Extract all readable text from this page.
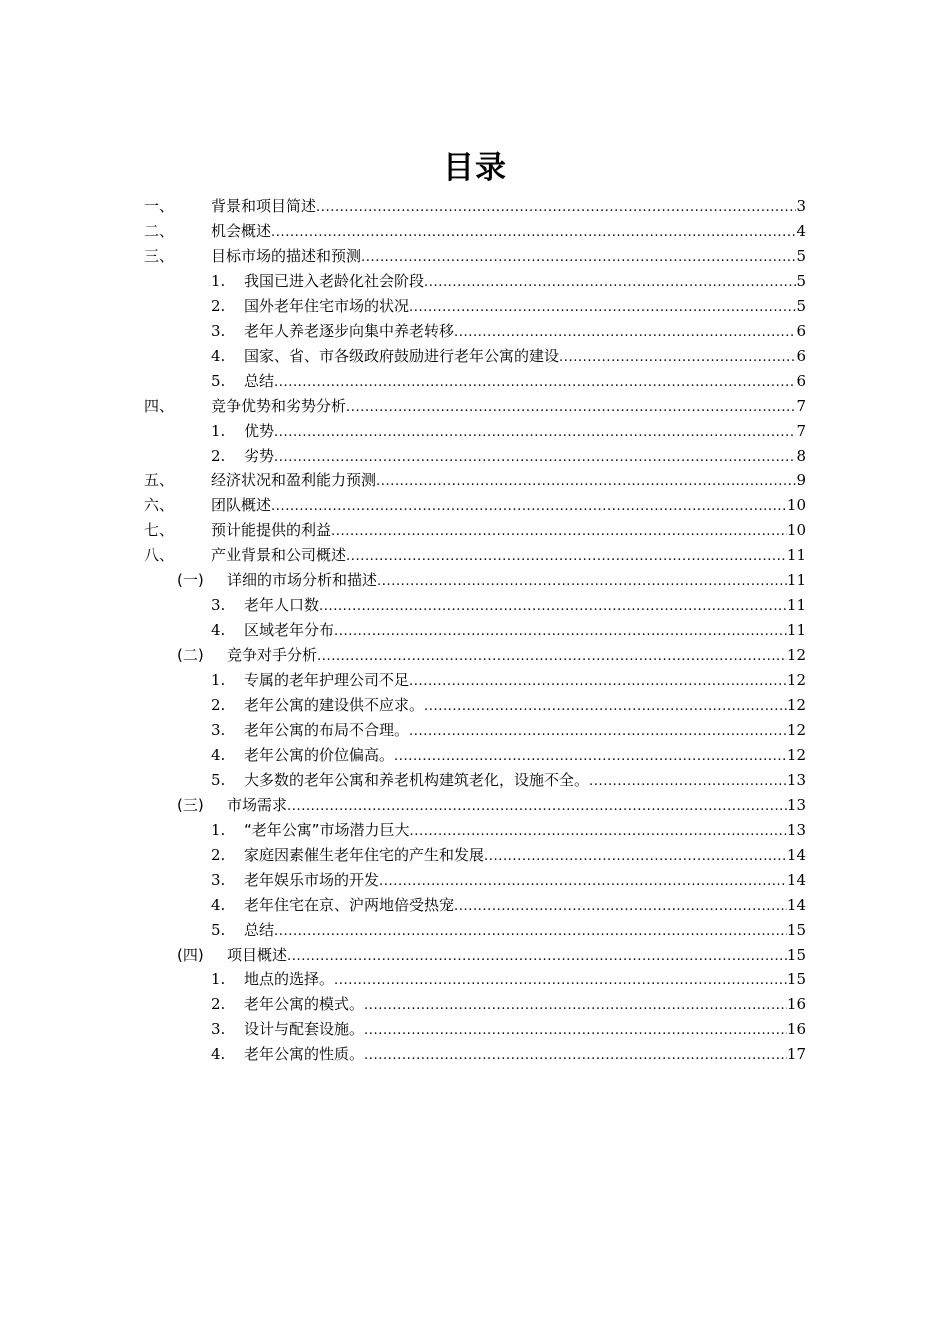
目录
一、 背景和项目简述 .....	3
二、 机会概述 .....	4
三、 目标市场的描述和预测 .....	5
1. 我国已进入老龄化社会阶段 .....	5
2. 国外老年住宅市场的状况 .....	5
3. 老年人养老逐步向集中养老转移 .....	6
4. 国家、省、市各级政府鼓励进行老年公寓的建设 .....	6
5. 总结 .....	6
四、 竞争优势和劣势分析 .....	7
1. 优势 .....	7
2. 劣势 .....	8
五、 经济状况和盈利能力预测 .....	9
六、 团队概述 .....	10
七、 预计能提供的利益 .....	10
八、 产业背景和公司概述 .....	11
(一) 详细的市场分析和描述 .....	11
3. 老年人口数 .....	11
4. 区域老年分布 .....	11
(二) 竞争对手分析 .....	12
1. 专属的老年护理公司不足 .....	12
2. 老年公寓的建设供不应求。 .....	12
3. 老年公寓的布局不合理。 .....	12
4. 老年公寓的价位偏高。 .....	12
5. 大多数的老年公寓和养老机构建筑老化，设施不全。 .....	13
(三) 市场需求 .....	13
1. “老年公寓”市场潜力巨大 .....	13
2. 家庭因素催生老年住宅的产生和发展 .....	14
3. 老年娱乐市场的开发 .....	14
4. 老年住宅在京、沪两地倍受热宠 .....	14
5. 总结 .....	15
(四) 项目概述 .....	15
1. 地点的选择。 .....	15
2. 老年公寓的模式。 .....	16
3. 设计与配套设施。 .....	16
4. 老年公寓的性质。 .....	17
